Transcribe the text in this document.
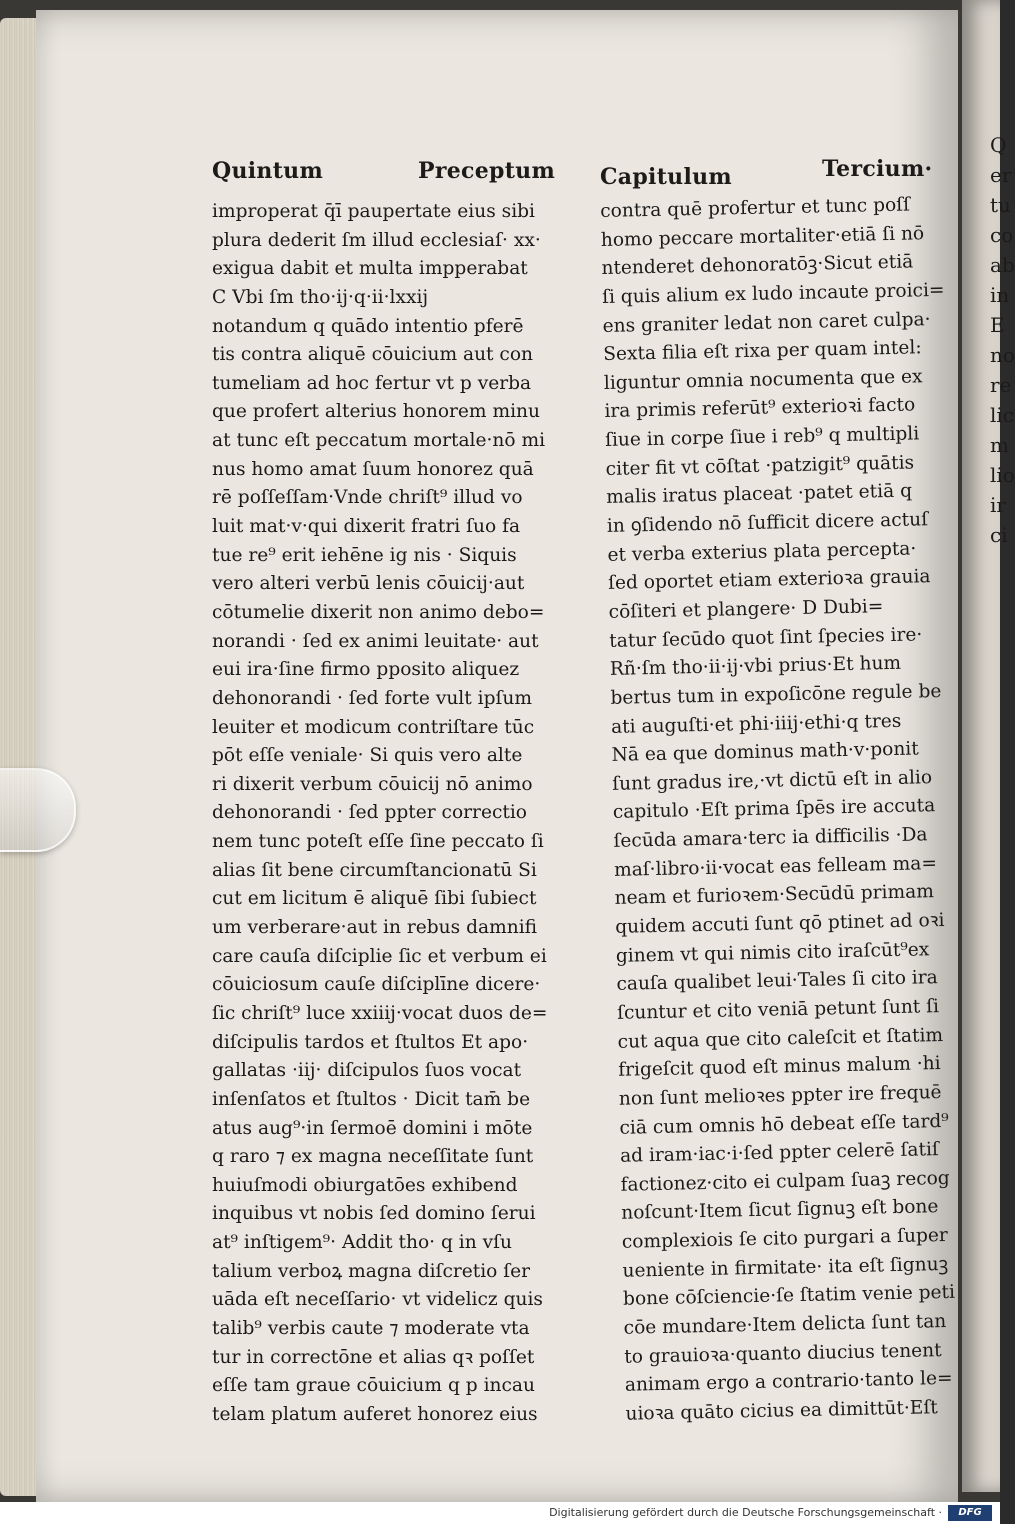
Q
er
tu
co
ab
in
E
no
re
lic
m
lio
ir
ci
Quintum	Preceptum Capitulum	Tercium·
improperat q̄ī paupertate eius sibi
plura dederit ſm illud ecclesiaſ· xx·
exigua dabit et multa impperabat
C Vbi ſm tho·ij·q·ii·lxxij
notandum q quādo intentio pferē
tis contra aliquē cōuicium aut con
tumeliam ad hoc fertur vt p verba
que profert alterius honorem minu
at tunc eſt peccatum mortale·nō mi
nus homo amat ſuum honorez quā
rē poſſeſſam·Vnde chriſt⁹ illud vo
luit mat·v·qui dixerit fratri ſuo fa
tue re⁹ erit iehēne ig nis · Siquis
vero alteri verbū lenis cōuicij·aut
cōtumelie dixerit non animo debo=
norandi · ſed ex animi leuitate· aut
eui ira·ſine firmo pposito aliquez
dehonorandi · ſed forte vult ipſum
leuiter et modicum contriſtare tūc
pōt eſſe veniale· Si quis vero alte
ri dixerit verbum cōuicij nō animo
dehonorandi · ſed ppter correctio
nem tunc poteſt eſſe ſine peccato ſi
alias ſit bene circumſtancionatū Si
cut em licitum ē aliquē ſibi ſubiect
um verberare·aut in rebus damnifi
care cauſa diſciplie ſic et verbum ei
cōuiciosum cauſe diſciplīne dicere·
ſic chriſt⁹ luce xxiiij·vocat duos de=
diſcipulis tardos et ſtultos Et apo·
gallatas ·iij· diſcipulos ſuos vocat
inſenſatos et ſtultos · Dicit tam̄ be
atus aug⁹·in ſermoē domini i mōte
q raro ⁊ ex magna neceſſitate ſunt
huiuſmodi obiurgatōes exhibend
inquibus vt nobis ſed domino ſerui
at⁹ inſtigem⁹· Addit tho· q in vſu
talium verboꝝ magna diſcretio ſer
uāda eſt neceſſario· vt videlicz quis
talib⁹ verbis caute ⁊ moderate vta
tur in correctōne et alias qꝛ poſſet
eſſe tam graue cōuicium q p incau
telam platum auferet honorez eius
contra quē profertur et tunc poſſ
homo peccare mortaliter·etiā ſi nō
ntenderet dehonoratōꝫ·Sicut etiā
ſi quis alium ex ludo incaute proici=
ens graniter ledat non caret culpa·
Sexta filia eſt rixa per quam intel:
liguntur omnia nocumenta que ex
ira primis referūt⁹ exterioꝛi facto
ſiue in corpe ſiue i reb⁹ q multipli
citer fit vt cōſtat ·patzigit⁹ quātis
malis iratus placeat ·patet etiā q
in ꝯſidendo nō ſufficit dicere actuſ
et verba exterius plata percepta·
ſed oportet etiam exterioꝛa grauia
cōſiteri et plangere· D Dubi=
tatur ſecūdo quot ſint ſpecies ire·
Rñ·ſm tho·ii·ij·vbi prius·Et hum
bertus tum in expoſicōne regule be
ati auguſti·et phi·iiij·ethi·q tres
Nā ea que dominus math·v·ponit
ſunt gradus ire,·vt dictū eſt in alio
capitulo ·Eſt prima ſpēs ire accuta
ſecūda amara·terc ia difficilis ·Da
maſ·libro·ii·vocat eas felleam ma=
neam et furioꝛem·Secūdū primam
quidem accuti ſunt qō ptinet ad oꝛi
ginem vt qui nimis cito iraſcūt⁹ex
cauſa qualibet leui·Tales ſi cito ira
ſcuntur et cito veniā petunt ſunt ſi
cut aqua que cito caleſcit et ſtatim
frigeſcit quod eſt minus malum ·hi
non ſunt melioꝛes ppter ire frequē
ciā cum omnis hō debeat eſſe tard⁹
ad iram·iac·i·ſed ppter celerē ſatiſ
factionez·cito ei culpam ſuaꝫ recog
noſcunt·Item ſicut ſignuꝫ eſt bone
complexiois ſe cito purgari a ſuper
ueniente in firmitate· ita eſt ſignuꝫ
bone cōſciencie·ſe ſtatim venie peti
cōe mundare·Item delicta ſunt tan
to grauioꝛa·quanto diucius tenent
animam ergo a contrario·tanto le=
uioꝛa quāto cicius ea dimittūt·Eſt
Digitalisierung gefördert durch die Deutsche Forschungsgemeinschaft ·	DFG
